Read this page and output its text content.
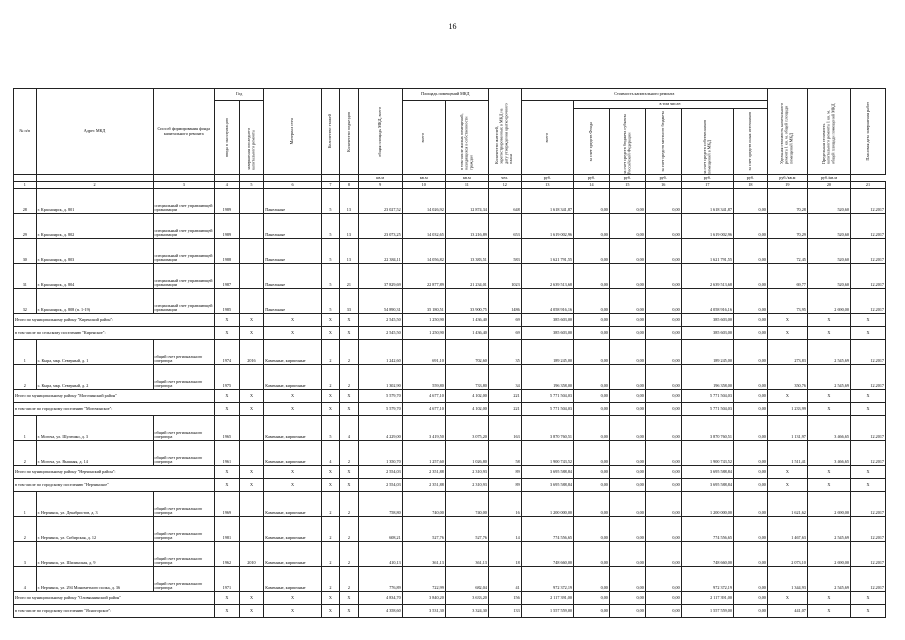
16
№ п/п	Адрес МКД	Способ формирования фонда капитального ремонта	Год		Материал стен	Количество этажей	Количество подъездов	общая площадь МКД, всего	Площадь помещений МКД		Количество жителей, зарегистрированных в МКД на дату утверждения краткосрочного плана	Стоимость капитального ремонта						Удельная стоимость капитального ремонта 1 кв. м. общей площади помещений МКД	Предельная стоимость капитального ремонта 1 кв. м. общей площади помещений МКД	Плановая дата завершения работ

			ввода в эксплуатацию	завершения последнего капитального ремонта					всего	в том числе жилых помещений, находящихся в собственности граждан		всего	в том числе:							

													за счет средств Фонда	за счет средств бюджета субъекта Российской Федерации	за счет средств местного бюджета	за счет средств собственников помещений в МКД	за счет средств иных источников			

								кв.м	кв.м	кв.м	чел.	руб.	руб.	руб.	руб.	руб.	руб.	руб./кв.м	руб./кв.м	
1	2	3	4	5	6	7	8	9	10	11	12	13	14	15	16	17	18	19	20	21
28	г. Красноярск, д. 801	специальный счет управляющей организации	1989		Панельные	5	13	23 027,52	14 026,92	12 874,34	648	1 618 341,87	0,00	0,00	0,00	1 618 341,87	0,00	70,28	520,60	12.2017
29	г. Красноярск, д. 802	специальный счет управляющей организации	1989		Панельные	5	13	23 073,25	14 032,65	13 216,89	653	1 619 002,96	0,00	0,00	0,00	1 619 002,96	0,00	70,29	520,60	12.2017
30	г. Красноярск, д. 803	специальный счет управляющей организации	1988		Панельные	5	13	22 384,11	14 056,82	13 383,51	583	1 621 791,55	0,00	0,00	0,00	1 621 791,55	0,00	72,45	520,60	12.2017
31	г. Красноярск, д. 804	специальный счет управляющей организации	1987		Панельные	5	21	37 829,69	22 877,89	21 234,01	1023	2 639 513,68	0,00	0,00	0,00	2 639 513,68	0,00	69,77	520,60	12.2017
32	г. Красноярск, д. 808 (п. 1-19)	специальный счет управляющей организации	1985		Панельные	5	33	54 890,31	35 180,51	33 900,75	1486	4 058 916,16	0,00	0,00	0,00	4 058 916,16	0,00	73,95	2 690,00	12.2017
Итого по муниципальному району "Киренский район":			X	X	X	X	X	2 545,50	1 250,90	1 436,40	69	385 603,00	0,00	0,00	0,00	385 603,00	0,00	X	X	X
в том числе по сельскому поселению "Киренское":			X	X	X	X	X	2 545,50	1 250,90	1 436,40	69	385 603,00	0,00	0,00	0,00	385 603,00	0,00	X	X	X
1	с. Кыра, мкр. Северный, д. 1	общий счет регионального оператора	1974	2016	Каменные, кирпичные	2	2	1 242,60	691,10	702,60	35	189 245,00	0,00	0,00	0,00	189 245,00	0,00	273,83	2 545,69	12.2017
2	с. Кыра, мкр. Северный, д. 2	общий счет регионального оператора	1975		Каменные, кирпичные	2	2	1 302,90	559,80	733,80	34	196 358,00	0,00	0,00	0,00	196 358,00	0,00	350,76	2 545,69	12.2017
Итого по муниципальному району "Могочинский район"			X	X	X	X	X	5 579,70	4 677,10	4 102,00	221	5 771 504,03	0,00	0,00	0,00	5 771 504,03	0,00	X	X	X
в том числе по городскому поселению "Могочинское":			X	X	X	X	X	5 579,70	4 677,10	4 102,00	221	5 771 504,03	0,00	0,00	0,00	5 771 504,03	0,00	1 233,99	X	X
1	г. Могоча, ул. Шулешко, д. 3	общий счет регионального оператора	1965		Каменные, кирпичные	5	4	4 229,00	3 419,50	3 075,20	163	3 870 760,51	0,00	0,00	0,00	3 870 760,51	0,00	1 131,97	3 466,65	12.2017
2	г. Могоча, ул. Вышняя, д. 14	общий счет регионального оператора	1961		Каменные, кирпичные	4	2	1 350,70	1 257,60	1 026,80	58	1 900 743,52	0,00	0,00	0,00	1 900 743,52	0,00	1 511,41	3 466,65	12.2017
Итого по муниципальному району "Нерчинский район":			X	X	X	X	X	2 554,03	2 351,88	2 310,93	89	3 695 588,84	0,00	0,00	0,00	3 695 588,84	0,00	X	X	X
в том числе по городскому поселению "Нерчинское"			X	X	X	X	X	2 554,03	2 351,88	2 310,93	89	3 695 588,84	0,00	0,00	0,00	3 695 588,84	0,00	X	X	X
1	г. Нерчинск, ул. Декабристов, д. 3	общий счет регионального оператора	1969		Каменные, кирпичные	2	2	758,80	740,00	740,00	16	1 200 000,00	0,00	0,00	0,00	1 200 000,00	0,00	1 621,62	2 690,00	12.2017
2	г. Нерчинск, ул. Сибирская, д. 12	общий счет регионального оператора	1981		Каменные, кирпичные	2	2	608,21	527,76	527,76	14	774 556,65	0,00	0,00	0,00	774 556,65	0,00	1 467,63	2 545,69	12.2017
3	г. Нерчинск, ул. Шилинская, д. 9	общий счет регионального оператора	1962	2010	Каменные, кирпичные	2	2	410,13	361,13	361,13	18	748 660,00	0,00	0,00	0,00	748 660,00	0,00	2 073,10	2 690,00	12.2017
4	г. Нерчинск, ул. 294 Минометного полка, д. 36	общий счет регионального оператора	1971		Каменные, кирпичные	2	2	776,89	722,99	682,04	41	972 372,19	0,00	0,00	0,00	972 372,19	0,00	1 344,93	2 545,69	12.2017
Итого по муниципальному району "Оловяннинский район"			X	X	X	X	X	4 834,70	3 840,20	3 633,20	156	2 117 391,00	0,00	0,00	0,00	2 117 391,00	0,00	X	X	X
в том числе по городскому поселению "Ясногорское":			X	X	X	X	X	4 358,60	3 531,30	3 324,30	133	1 557 559,00	0,00	0,00	0,00	1 557 559,00	0,00	441,07	X	X
